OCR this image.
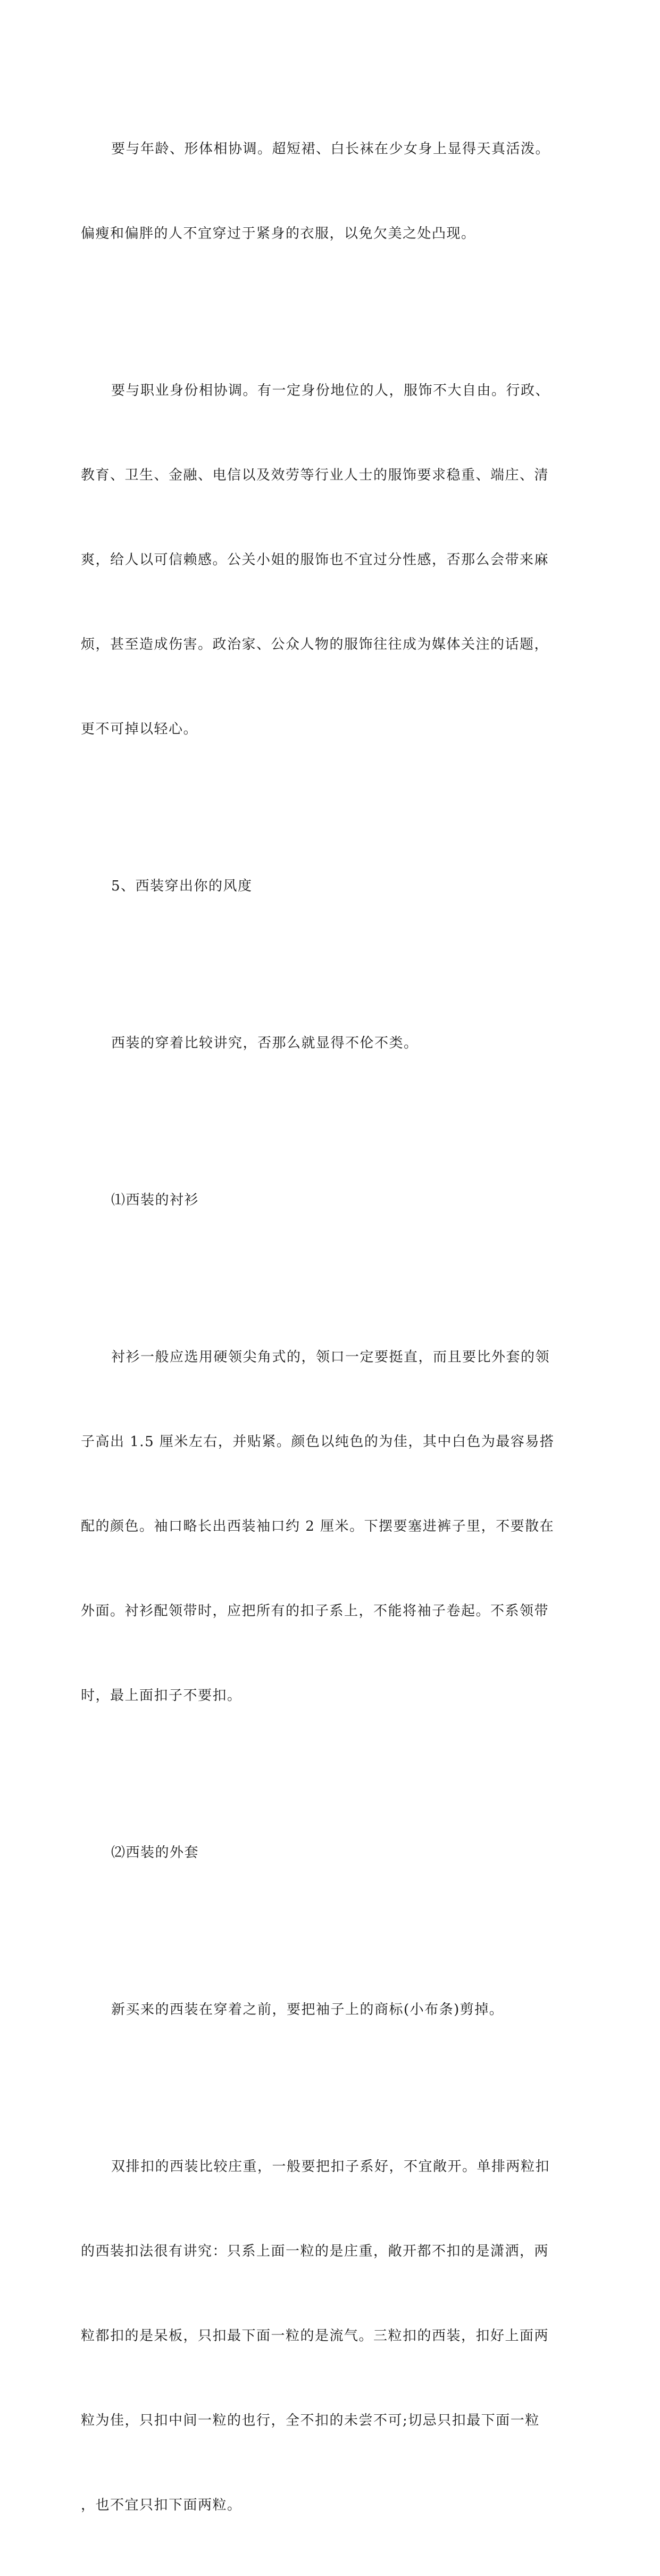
要与年龄、形体相协调。超短裙、白长袜在少女身上显得天真活泼。

偏瘦和偏胖的人不宜穿过于紧身的衣服，以免欠美之处凸现。

要与职业身份相协调。有一定身份地位的人，服饰不大自由。行政、

教育、卫生、金融、电信以及效劳等行业人士的服饰要求稳重、端庄、清

爽，给人以可信赖感。公关小姐的服饰也不宜过分性感，否那么会带来麻

烦，甚至造成伤害。政治家、公众人物的服饰往往成为媒体关注的话题，

更不可掉以轻心。

5、西装穿出你的风度

西装的穿着比较讲究，否那么就显得不伦不类。

⑴西装的衬衫

衬衫一般应选用硬领尖角式的，领口一定要挺直，而且要比外套的领

子高出 1.5 厘米左右，并贴紧。颜色以纯色的为佳，其中白色为最容易搭

配的颜色。袖口略长出西装袖口约 2 厘米。下摆要塞进裤子里，不要散在

外面。衬衫配领带时，应把所有的扣子系上，不能将袖子卷起。不系领带

时，最上面扣子不要扣。

⑵西装的外套

新买来的西装在穿着之前，要把袖子上的商标(小布条)剪掉。

双排扣的西装比较庄重，一般要把扣子系好，不宜敞开。单排两粒扣

的西装扣法很有讲究：只系上面一粒的是庄重，敞开都不扣的是潇洒，两

粒都扣的是呆板，只扣最下面一粒的是流气。三粒扣的西装，扣好上面两

粒为佳，只扣中间一粒的也行，全不扣的未尝不可;切忌只扣最下面一粒

，也不宜只扣下面两粒。
